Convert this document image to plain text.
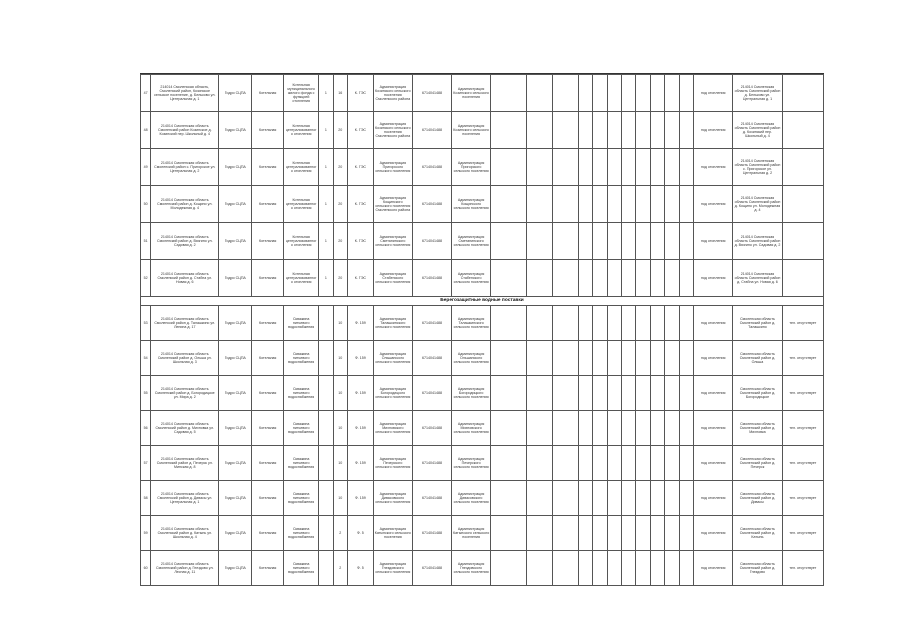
47	214014 Смоленская область, Смоленский район, Козинское сельское поселение, д. Бельково ул. Центральная д. 1	Гидро СЦПА	Котельная	Котельная муниципального жилого фонда с функцией отопления	1	16	К. ГЭС	Администрация Козинского сельского поселения Смоленского района	6714041488	Администрация Козинского сельского поселения												под отопления	214014 Смоленская область Смоленский район д. Бельково ул. Центральная д. 1	
48	214014 Смоленская область Смоленский район Козинское д. Козинский пер. Школьный д. 4	Гидро СЦПА	Котельная	Котельная централизованного отопления	1	20	К. ГЭС	Администрация Козинского сельского поселения Смоленского района	6714041488	Администрация Козинского сельского поселения												под отопления	214014 Смоленская область Смоленский район д. Козинский пер. Школьный д. 4	
49	214014 Смоленская область Смоленский район с. Пригорское ул. Центральная д. 2	Гидро СЦПА	Котельная	Котельная централизованного отопления	1	20	К. ГЭС	Администрация Пригорского сельского поселения	6714041488	Администрация Пригорского сельского поселения												под отопления	214014 Смоленская область Смоленский район с. Пригорское ул. Центральная д. 2	
50	214014 Смоленская область Смоленский район д. Кощино ул. Молодежная д. 4	Гидро СЦПА	Котельная	Котельная централизованного отопления	1	20	К. ГЭС	Администрация Кощинского сельского поселения Смоленского района	6714041488	Администрация Кощинского сельского поселения												под отопления	214014 Смоленская область Смоленский район д. Кощино ул. Молодежная д. 4	
51	214014 Смоленская область Смоленский район д. Вязгино ул. Садовая д. 2	Гидро СЦПА	Котельная	Котельная централизованного отопления	1	20	К. ГЭС	Администрация Сметанинского сельского поселения	6714041488	Администрация Сметанинского сельского поселения												под отопления	214014 Смоленская область Смоленский район д. Вязгино ул. Садовая д. 2	
52	214014 Смоленская область Смоленский район д. Стабна ул. Новая д. 6	Гидро СЦПА	Котельная	Котельная централизованного отопления	1	20	К. ГЭС	Администрация Стабенского сельского поселения	6714041488	Администрация Стабенского сельского поселения												под отопления	214014 Смоленская область Смоленский район д. Стабна ул. Новая д. 6	
Берегозащитные водные поставки																								
53	214014 Смоленская область Смоленский район д. Талашкино ул. Ленина д. 17	Гидро СЦПА	Котельная	Скважина питьевого водоснабжения		10	Ф. 159	Администрация Талашкинского сельского поселения	6714041488	Администрация Талашкинского сельского поселения												под отопления	Смоленская область Смоленский район д. Талашкино	тел. отсутствует
54	214014 Смоленская область Смоленский район д. Ольша ул. Школьная д. 3	Гидро СЦПА	Котельная	Скважина питьевого водоснабжения		10	Ф. 159	Администрация Ольшанского сельского поселения	6714041488	Администрация Ольшанского сельского поселения												под отопления	Смоленская область Смоленский район д. Ольша	тел. отсутствует
55	214014 Смоленская область Смоленский район д. Богородицкое ул. Мира д. 2	Гидро СЦПА	Котельная	Скважина питьевого водоснабжения		10	Ф. 159	Администрация Богородицкого сельского поселения	6714041488	Администрация Богородицкого сельского поселения												под отопления	Смоленская область Смоленский район д. Богородицкое	тел. отсутствует
56	214014 Смоленская область Смоленский район д. Михновка ул. Садовая д. 5	Гидро СЦПА	Котельная	Скважина питьевого водоснабжения		10	Ф. 159	Администрация Михновского сельского поселения	6714041488	Администрация Михновского сельского поселения												под отопления	Смоленская область Смоленский район д. Михновка	тел. отсутствует
57	214014 Смоленская область Смоленский район д. Печерск ул. Минская д. 8	Гидро СЦПА	Котельная	Скважина питьевого водоснабжения		10	Ф. 159	Администрация Печерского сельского поселения	6714041488	Администрация Печерского сельского поселения												под отопления	Смоленская область Смоленский район д. Печерск	тел. отсутствует
58	214014 Смоленская область Смоленский район д. Дивасы ул. Центральная д. 1	Гидро СЦПА	Котельная	Скважина питьевого водоснабжения		10	Ф. 159	Администрация Дивасовского сельского поселения	6714041488	Администрация Дивасовского сельского поселения												под отопления	Смоленская область Смоленский район д. Дивасы	тел. отсутствует
59	214014 Смоленская область Смоленский район д. Катынь ул. Школьная д. 4	Гидро СЦПА	Котельная	Скважина питьевого водоснабжения		2	Ф. 5	Администрация Катынского сельского поселения	6714041488	Администрация Катынского сельского поселения												под отопления	Смоленская область Смоленский район д. Катынь	тел. отсутствует
60	214014 Смоленская область Смоленский район д. Гнездово ул. Лесная д. 11	Гидро СЦПА	Котельная	Скважина питьевого водоснабжения		2	Ф. 5	Администрация Гнездовского сельского поселения	6714041488	Администрация Гнездовского сельского поселения												под отопления	Смоленская область Смоленский район д. Гнездово	тел. отсутствует
